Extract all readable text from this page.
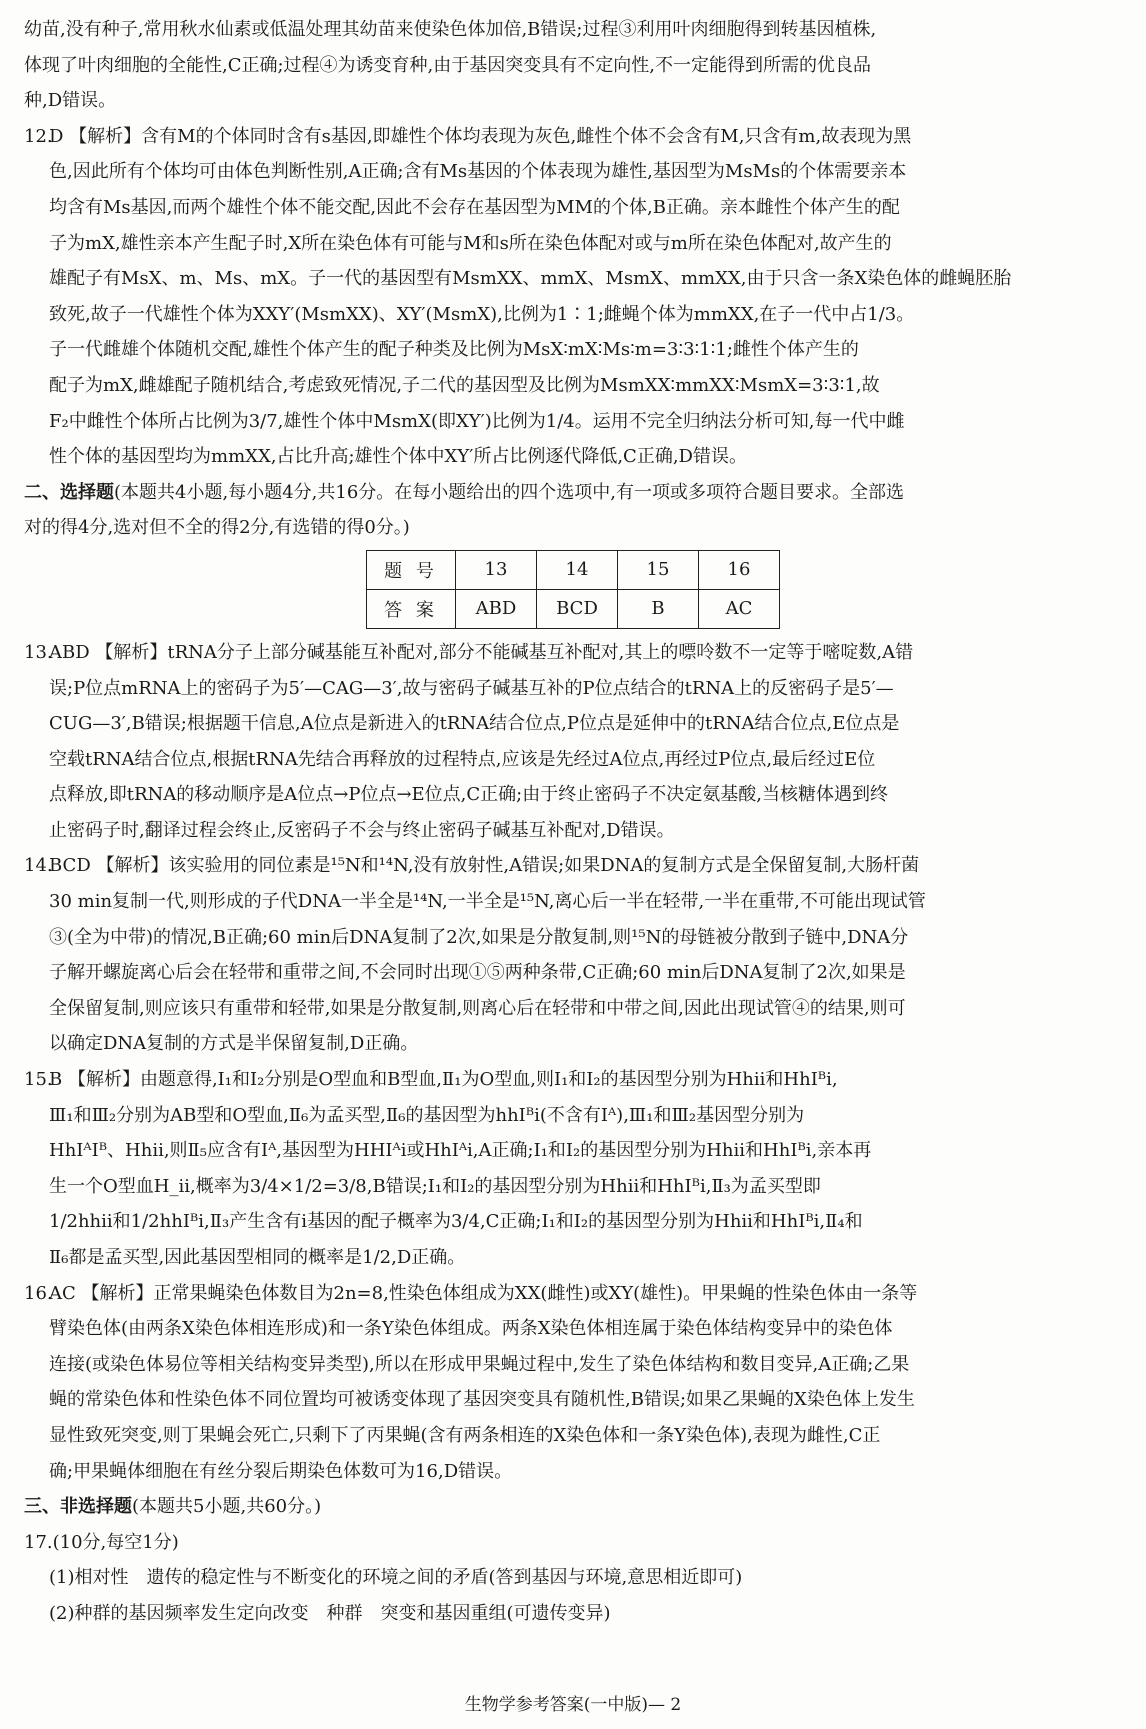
幼苗,没有种子,常用秋水仙素或低温处理其幼苗来使染色体加倍,B错误;过程③利用叶肉细胞得到转基因植株,

体现了叶肉细胞的全能性,C正确;过程④为诱变育种,由于基因突变具有不定向性,不一定能得到所需的优良品

种,D错误。

12.

D 【解析】含有M的个体同时含有s基因,即雄性个体均表现为灰色,雌性个体不会含有M,只含有m,故表现为黑

色,因此所有个体均可由体色判断性别,A正确;含有Ms基因的个体表现为雄性,基因型为MsMs的个体需要亲本

均含有Ms基因,而两个雄性个体不能交配,因此不会存在基因型为MM的个体,B正确。亲本雌性个体产生的配

子为mX,雄性亲本产生配子时,X所在染色体有可能与M和s所在染色体配对或与m所在染色体配对,故产生的

雄配子有MsX、m、Ms、mX。子一代的基因型有MsmXX、mmX、MsmX、mmXX,由于只含一条X染色体的雌蝇胚胎

致死,故子一代雄性个体为XXY′(MsmXX)、XY′(MsmX),比例为1∶1;雌蝇个体为mmXX,在子一代中占1/3。

子一代雌雄个体随机交配,雄性个体产生的配子种类及比例为MsX∶mX∶Ms∶m=3∶3∶1∶1;雌性个体产生的

配子为mX,雌雄配子随机结合,考虑致死情况,子二代的基因型及比例为MsmXX∶mmXX∶MsmX=3∶3∶1,故

F₂中雌性个体所占比例为3/7,雄性个体中MsmX(即XY′)比例为1/4。运用不完全归纳法分析可知,每一代中雌

性个体的基因型均为mmXX,占比升高;雄性个体中XY′所占比例逐代降低,C正确,D错误。

二、选择题(本题共4小题,每小题4分,共16分。在每小题给出的四个选项中,有一项或多项符合题目要求。全部选

对的得4分,选对但不全的得2分,有选错的得0分。)

题 号	13	14	15	16
答 案	ABD	BCD	B	AC
13.

ABD 【解析】tRNA分子上部分碱基能互补配对,部分不能碱基互补配对,其上的嘌呤数不一定等于嘧啶数,A错

误;P位点mRNA上的密码子为5′—CAG—3′,故与密码子碱基互补的P位点结合的tRNA上的反密码子是5′—

CUG—3′,B错误;根据题干信息,A位点是新进入的tRNA结合位点,P位点是延伸中的tRNA结合位点,E位点是

空载tRNA结合位点,根据tRNA先结合再释放的过程特点,应该是先经过A位点,再经过P位点,最后经过E位

点释放,即tRNA的移动顺序是A位点→P位点→E位点,C正确;由于终止密码子不决定氨基酸,当核糖体遇到终

止密码子时,翻译过程会终止,反密码子不会与终止密码子碱基互补配对,D错误。

14.

BCD 【解析】该实验用的同位素是¹⁵N和¹⁴N,没有放射性,A错误;如果DNA的复制方式是全保留复制,大肠杆菌

30 min复制一代,则形成的子代DNA一半全是¹⁴N,一半全是¹⁵N,离心后一半在轻带,一半在重带,不可能出现试管

③(全为中带)的情况,B正确;60 min后DNA复制了2次,如果是分散复制,则¹⁵N的母链被分散到子链中,DNA分

子解开螺旋离心后会在轻带和重带之间,不会同时出现①⑤两种条带,C正确;60 min后DNA复制了2次,如果是

全保留复制,则应该只有重带和轻带,如果是分散复制,则离心后在轻带和中带之间,因此出现试管④的结果,则可

以确定DNA复制的方式是半保留复制,D正确。

15.

B 【解析】由题意得,Ⅰ₁和Ⅰ₂分别是O型血和B型血,Ⅱ₁为O型血,则Ⅰ₁和Ⅰ₂的基因型分别为Hhii和HhIᴮi,

Ⅲ₁和Ⅲ₂分别为AB型和O型血,Ⅱ₆为孟买型,Ⅱ₆的基因型为hhIᴮi(不含有Iᴬ),Ⅲ₁和Ⅲ₂基因型分别为

HhIᴬIᴮ、Hhii,则Ⅱ₅应含有Iᴬ,基因型为HHIᴬi或HhIᴬi,A正确;Ⅰ₁和Ⅰ₂的基因型分别为Hhii和HhIᴮi,亲本再

生一个O型血H_ii,概率为3/4×1/2=3/8,B错误;Ⅰ₁和Ⅰ₂的基因型分别为Hhii和HhIᴮi,Ⅱ₃为孟买型即

1/2hhii和1/2hhIᴮi,Ⅱ₃产生含有i基因的配子概率为3/4,C正确;Ⅰ₁和Ⅰ₂的基因型分别为Hhii和HhIᴮi,Ⅱ₄和

Ⅱ₆都是孟买型,因此基因型相同的概率是1/2,D正确。

16.

AC 【解析】正常果蝇染色体数目为2n=8,性染色体组成为XX(雌性)或XY(雄性)。甲果蝇的性染色体由一条等

臂染色体(由两条X染色体相连形成)和一条Y染色体组成。两条X染色体相连属于染色体结构变异中的染色体

连接(或染色体易位等相关结构变异类型),所以在形成甲果蝇过程中,发生了染色体结构和数目变异,A正确;乙果

蝇的常染色体和性染色体不同位置均可被诱变体现了基因突变具有随机性,B错误;如果乙果蝇的X染色体上发生

显性致死突变,则丁果蝇会死亡,只剩下了丙果蝇(含有两条相连的X染色体和一条Y染色体),表现为雌性,C正

确;甲果蝇体细胞在有丝分裂后期染色体数可为16,D错误。

三、非选择题(本题共5小题,共60分。)

17.(10分,每空1分)

(1)相对性　遗传的稳定性与不断变化的环境之间的矛盾(答到基因与环境,意思相近即可)

(2)种群的基因频率发生定向改变　种群　突变和基因重组(可遗传变异)

生物学参考答案(一中版)— 2
